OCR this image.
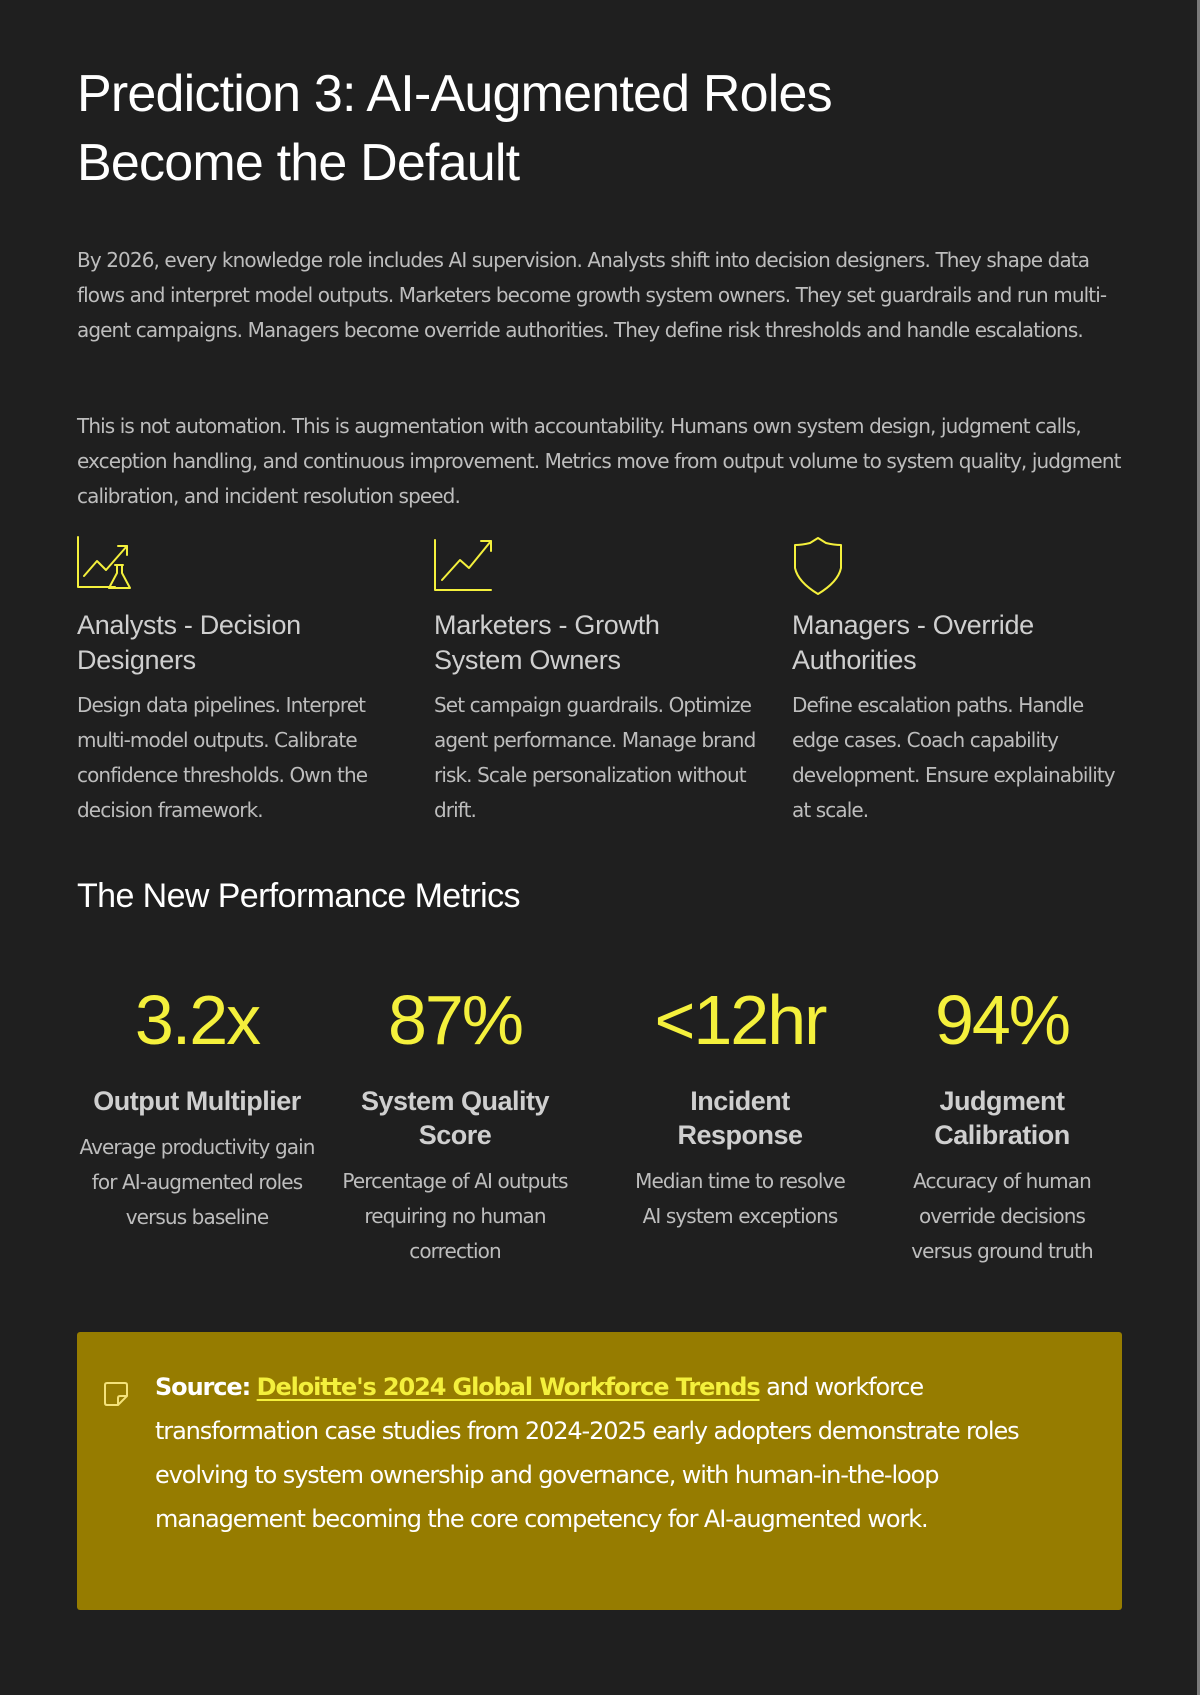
Prediction 3: AI-Augmented Roles
Become the Default

By 2026, every knowledge role includes AI supervision. Analysts shift into decision designers. They shape data flows and interpret model outputs. Marketers become growth system owners. They set guardrails and run multi-agent campaigns. Managers become override authorities. They define risk thresholds and handle escalations.

This is not automation. This is augmentation with accountability. Humans own system design, judgment calls, exception handling, and continuous improvement. Metrics move from output volume to system quality, judgment calibration, and incident resolution speed.

Analysts - Decision
Designers
Design data pipelines. Interpret multi-model outputs. Calibrate confidence thresholds. Own the decision framework.
Marketers - Growth
System Owners
Set campaign guardrails. Optimize agent performance. Manage brand risk. Scale personalization without drift.
Managers - Override
Authorities
Define escalation paths. Handle edge cases. Coach capability development. Ensure explainability at scale.
The New Performance Metrics
3.2x
Output Multiplier
Average productivity gain for AI-augmented roles versus baseline
87%
System Quality Score
Percentage of AI outputs requiring no human correction
<12hr
Incident Response
Median time to resolve AI system exceptions
94%
Judgment Calibration
Accuracy of human override decisions versus ground truth
Source: Deloitte's 2024 Global Workforce Trends and workforce transformation case studies from 2024-2025 early adopters demonstrate roles evolving to system ownership and governance, with human-in-the-loop management becoming the core competency for AI-augmented work.
